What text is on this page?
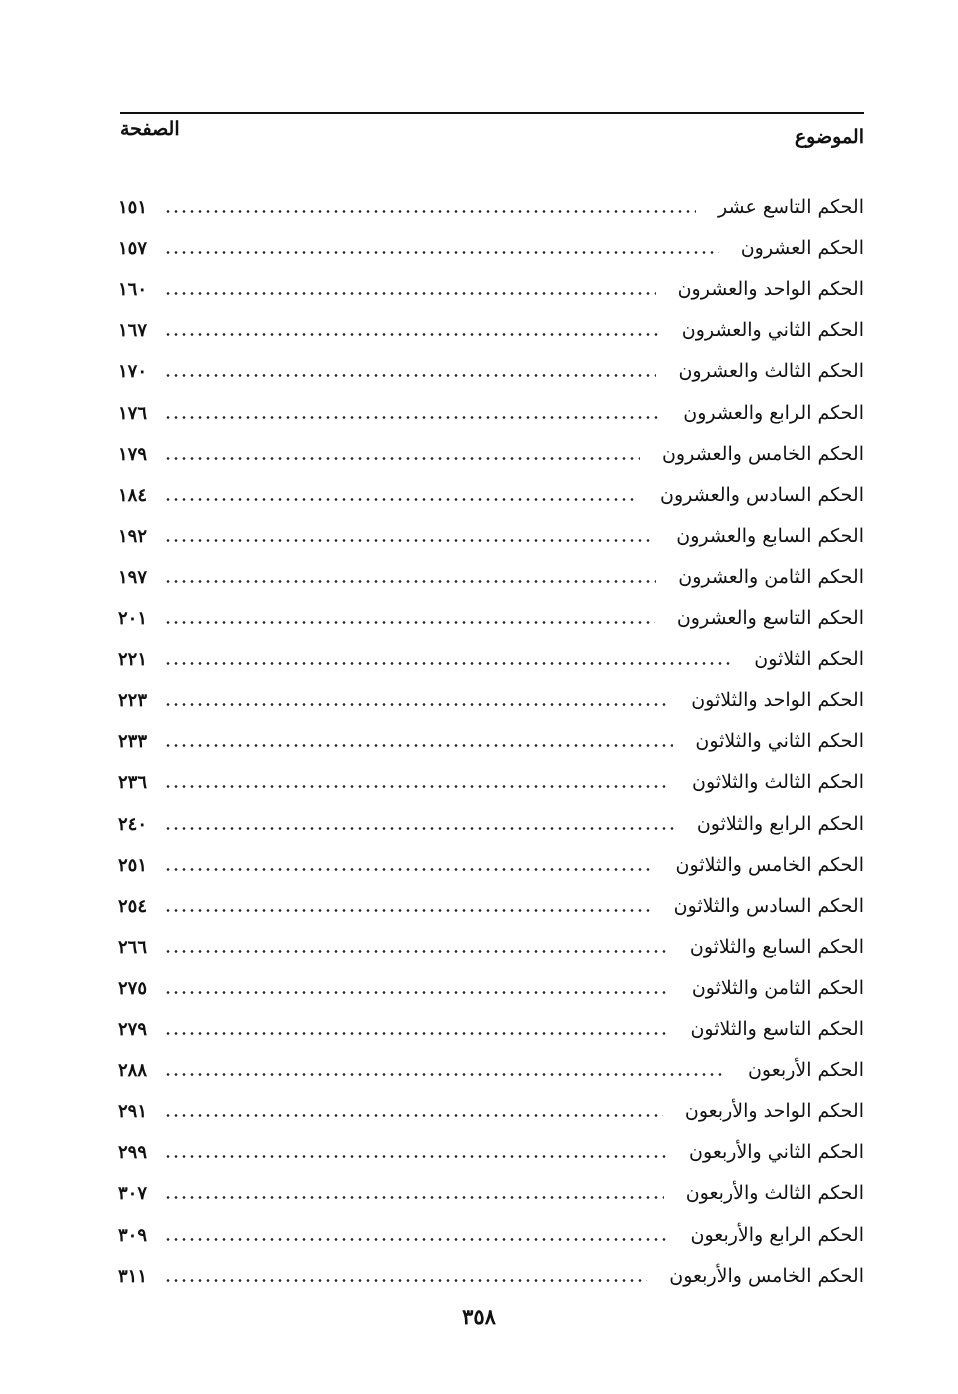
الموضوع
الصفحة
الحكم التاسع عشر
١٥١
الحكم العشرون
١٥٧
الحكم الواحد والعشرون
١٦٠
الحكم الثاني والعشرون
١٦٧
الحكم الثالث والعشرون
١٧٠
الحكم الرابع والعشرون
١٧٦
الحكم الخامس والعشرون
١٧٩
الحكم السادس والعشرون
١٨٤
الحكم السابع والعشرون
١٩٢
الحكم الثامن والعشرون
١٩٧
الحكم التاسع والعشرون
٢٠١
الحكم الثلاثون
٢٢١
الحكم الواحد والثلاثون
٢٢٣
الحكم الثاني والثلاثون
٢٣٣
الحكم الثالث والثلاثون
٢٣٦
الحكم الرابع والثلاثون
٢٤٠
الحكم الخامس والثلاثون
٢٥١
الحكم السادس والثلاثون
٢٥٤
الحكم السابع والثلاثون
٢٦٦
الحكم الثامن والثلاثون
٢٧٥
الحكم التاسع والثلاثون
٢٧٩
الحكم الأربعون
٢٨٨
الحكم الواحد والأربعون
٢٩١
الحكم الثاني والأربعون
٢٩٩
الحكم الثالث والأربعون
٣٠٧
الحكم الرابع والأربعون
٣٠٩
الحكم الخامس والأربعون
٣١١
٣٥٨
